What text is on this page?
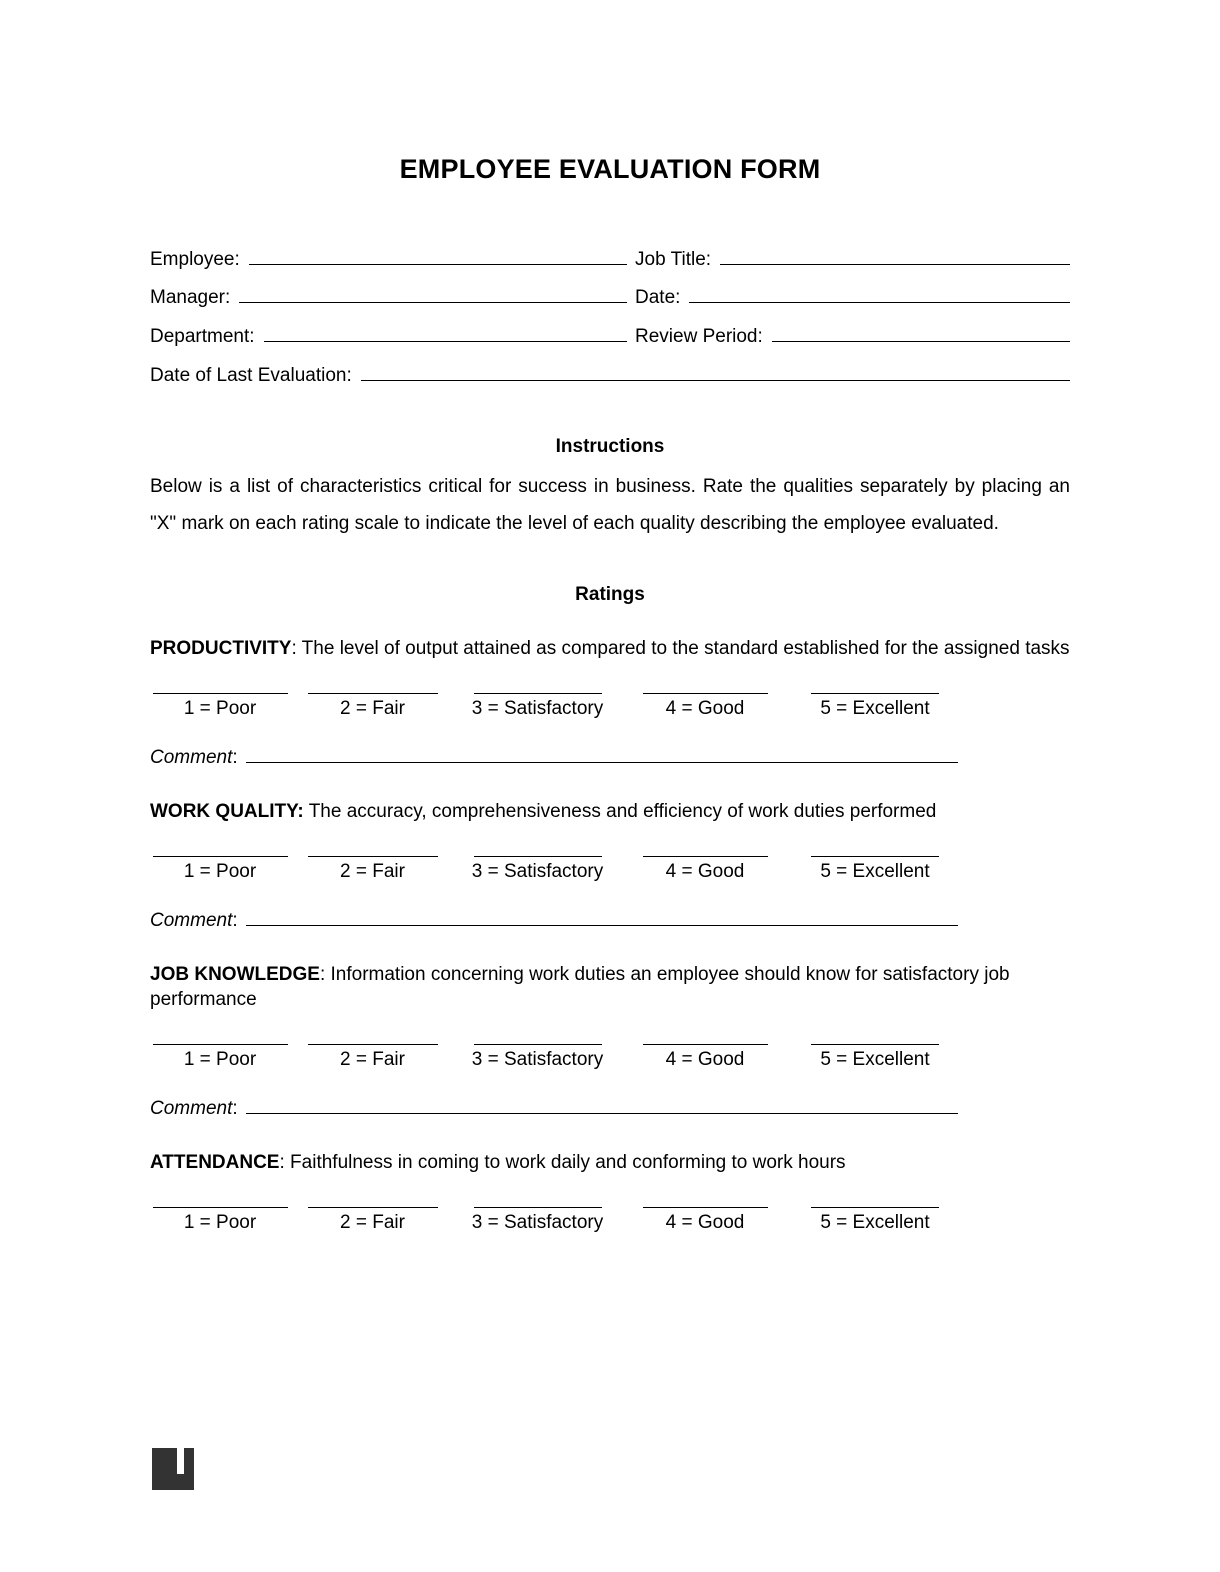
EMPLOYEE EVALUATION FORM
Employee:	Job Title:
Manager:	Date:
Department:	Review Period:
Date of Last Evaluation:
Instructions

Below is a list of characteristics critical for success in business. Rate the qualities separately by placing an "X" mark on each rating scale to indicate the level of each quality describing the employee evaluated.

Ratings

PRODUCTIVITY: The level of output attained as compared to the standard established for the assigned tasks

1 = Poor	2 = Fair	3 = Satisfactory	4 = Good	5 = Excellent
Comment:

WORK QUALITY: The accuracy, comprehensiveness and efficiency of work duties performed

1 = Poor	2 = Fair	3 = Satisfactory	4 = Good	5 = Excellent
Comment:

JOB KNOWLEDGE: Information concerning work duties an employee should know for satisfactory job performance

1 = Poor	2 = Fair	3 = Satisfactory	4 = Good	5 = Excellent
Comment:

ATTENDANCE: Faithfulness in coming to work daily and conforming to work hours

1 = Poor	2 = Fair	3 = Satisfactory	4 = Good	5 = Excellent
